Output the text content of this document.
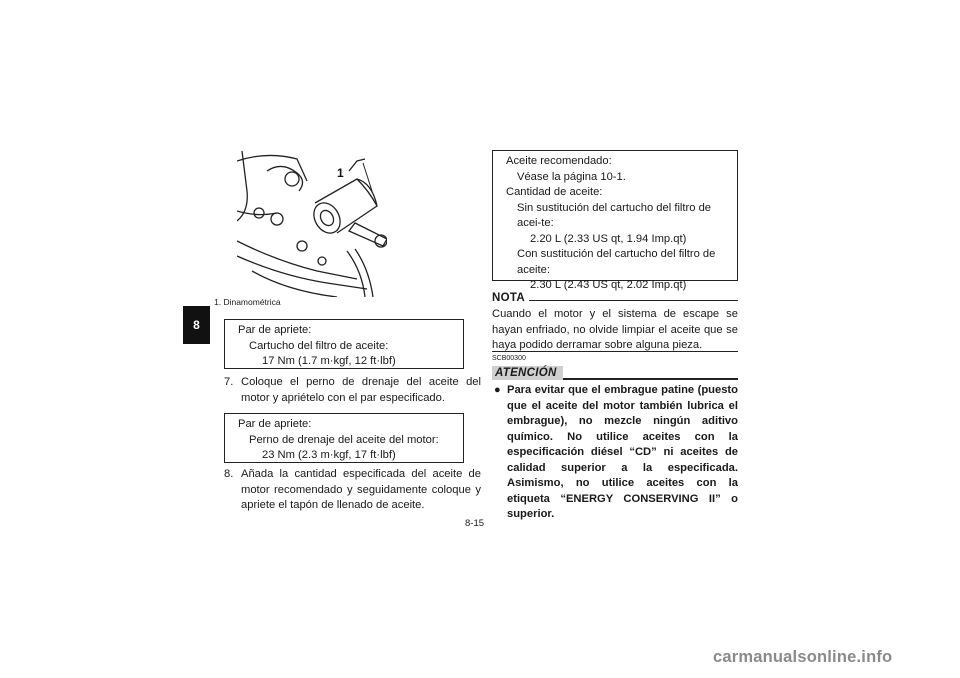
8
1
1. Dinamométrica
Par de apriete:
Cartucho del filtro de aceite:
17 Nm (1.7 m·kgf, 12 ft·lbf)
7. Coloque el perno de drenaje del aceite del motor y apriételo con el par especificado.
Par de apriete:
Perno de drenaje del aceite del motor:
23 Nm (2.3 m·kgf, 17 ft·lbf)
8. Añada la cantidad especificada del aceite de motor recomendado y seguidamente coloque y apriete el tapón de llenado de aceite.
8-15
Aceite recomendado:
Véase la página 10-1.
Cantidad de aceite:
Sin sustitución del cartucho del filtro de acei-te:
2.20 L (2.33 US qt, 1.94 Imp.qt)
Con sustitución del cartucho del filtro de aceite:
2.30 L (2.43 US qt, 2.02 Imp.qt)
NOTA
Cuando el motor y el sistema de escape se hayan enfriado, no olvide limpiar el aceite que se haya podido derramar sobre alguna pieza.
SCB00300
ATENCIÓN
● Para evitar que el embrague patine (puesto que el aceite del motor también lubrica el embrague), no mezcle ningún aditivo químico. No utilice aceites con la especificación diésel “CD” ni aceites de calidad superior a la especificada. Asimismo, no utilice aceites con la etiqueta “ENERGY CONSERVING II” o superior.
carmanualsonline.info
